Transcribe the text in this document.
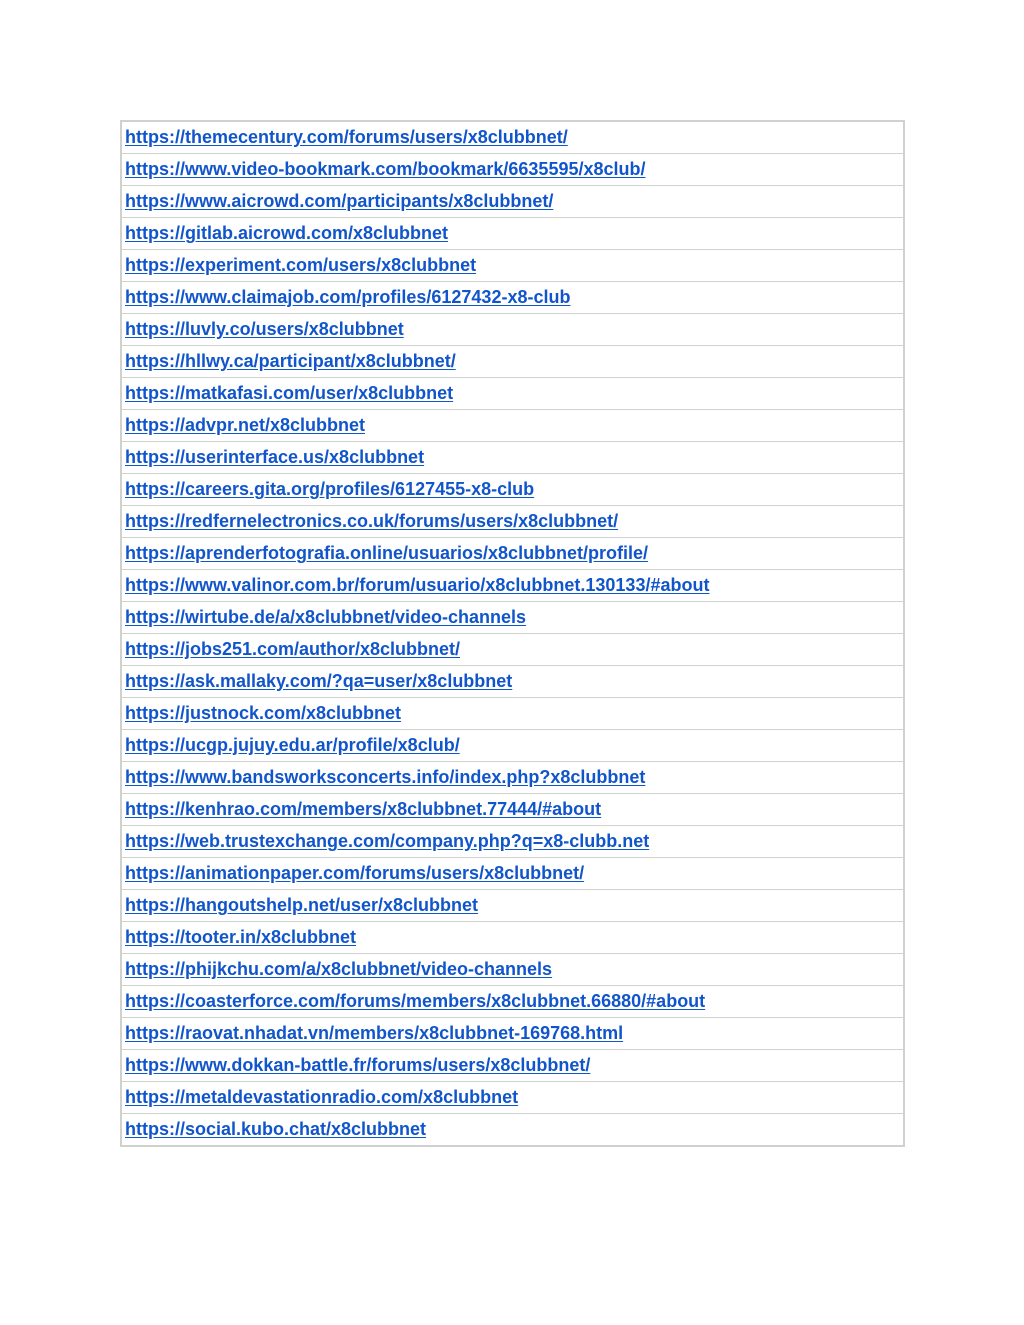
https://themecentury.com/forums/users/x8clubbnet/
https://www.video-bookmark.com/bookmark/6635595/x8club/
https://www.aicrowd.com/participants/x8clubbnet/
https://gitlab.aicrowd.com/x8clubbnet
https://experiment.com/users/x8clubbnet
https://www.claimajob.com/profiles/6127432-x8-club
https://luvly.co/users/x8clubbnet
https://hllwy.ca/participant/x8clubbnet/
https://matkafasi.com/user/x8clubbnet
https://advpr.net/x8clubbnet
https://userinterface.us/x8clubbnet
https://careers.gita.org/profiles/6127455-x8-club
https://redfernelectronics.co.uk/forums/users/x8clubbnet/
https://aprenderfotografia.online/usuarios/x8clubbnet/profile/
https://www.valinor.com.br/forum/usuario/x8clubbnet.130133/#about
https://wirtube.de/a/x8clubbnet/video-channels
https://jobs251.com/author/x8clubbnet/
https://ask.mallaky.com/?qa=user/x8clubbnet
https://justnock.com/x8clubbnet
https://ucgp.jujuy.edu.ar/profile/x8club/
https://www.bandsworksconcerts.info/index.php?x8clubbnet
https://kenhrao.com/members/x8clubbnet.77444/#about
https://web.trustexchange.com/company.php?q=x8-clubb.net
https://animationpaper.com/forums/users/x8clubbnet/
https://hangoutshelp.net/user/x8clubbnet
https://tooter.in/x8clubbnet
https://phijkchu.com/a/x8clubbnet/video-channels
https://coasterforce.com/forums/members/x8clubbnet.66880/#about
https://raovat.nhadat.vn/members/x8clubbnet-169768.html
https://www.dokkan-battle.fr/forums/users/x8clubbnet/
https://metaldevastationradio.com/x8clubbnet
https://social.kubo.chat/x8clubbnet
